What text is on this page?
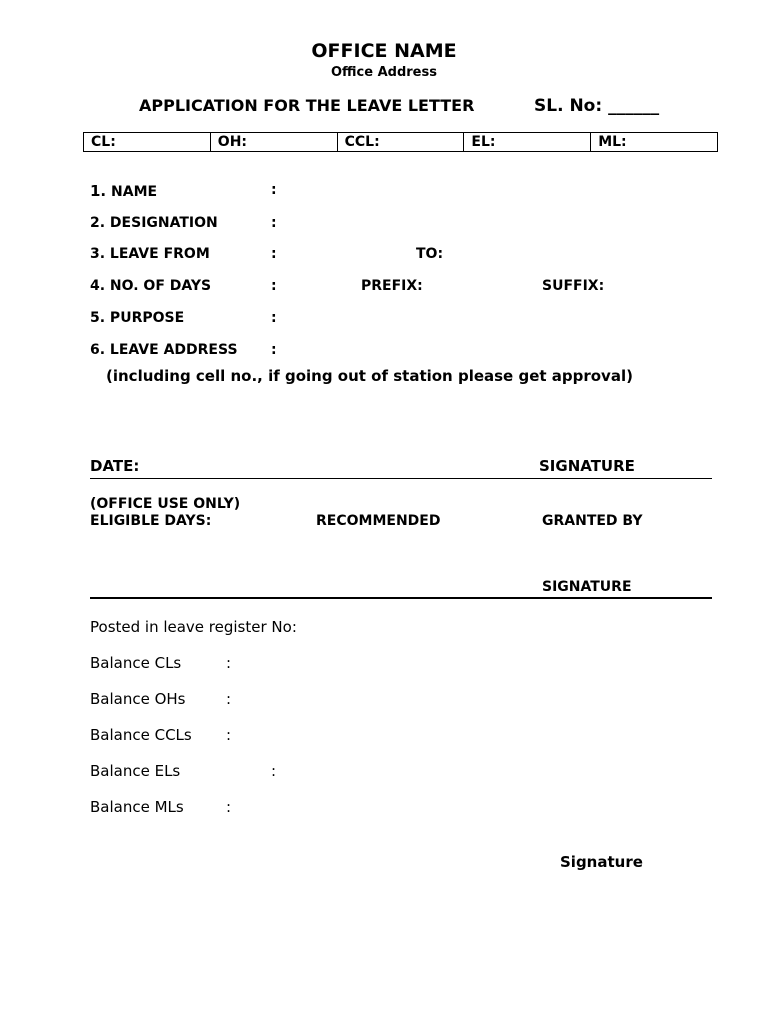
OFFICE NAME
Office Address
APPLICATION FOR THE LEAVE LETTER	SL. No: ______
CL:	OH:	CCL:	EL:	ML:
1. NAME	:
2. DESIGNATION	:
3. LEAVE FROM	:	TO:
4. NO. OF DAYS	:	PREFIX:	SUFFIX:
5. PURPOSE	:
6. LEAVE ADDRESS :
(including cell no., if going out of station please get approval)
DATE:	SIGNATURE
(OFFICE USE ONLY)
ELIGIBLE DAYS:	RECOMMENDED	GRANTED BY
SIGNATURE
Posted in leave register No:
Balance CLs	:
Balance OHs	:
Balance CCLs :
Balance ELs	:
Balance MLs	:
Signature
